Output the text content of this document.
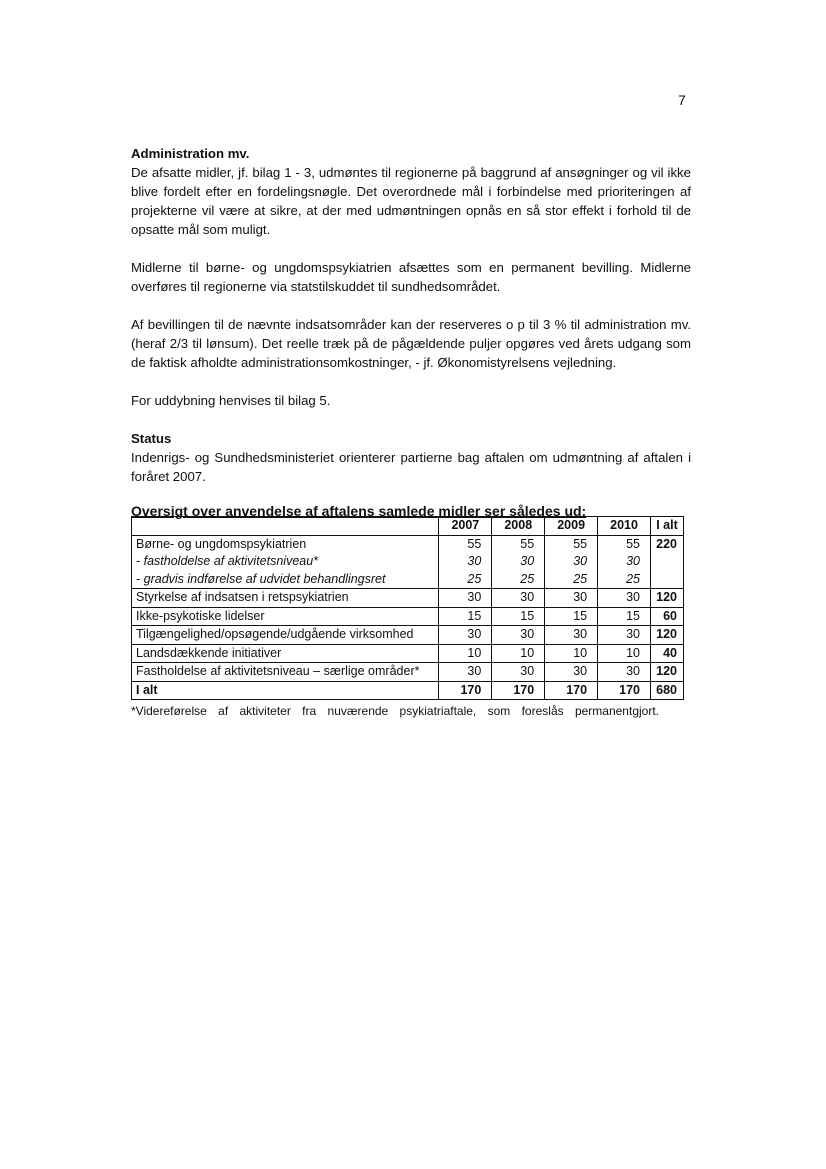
7

Administration mv.

De afsatte midler, jf. bilag 1 - 3, udmøntes til regionerne på baggrund af ansøgninger og vil ikke blive fordelt efter en fordelingsnøgle. Det overordnede mål i forbindelse med prioriteringen af projekterne vil være at sikre, at der med udmøntningen opnås en så stor effekt i forhold til de opsatte mål som muligt.

Midlerne til børne- og ungdomspsykiatrien afsættes som en permanent bevilling. Midlerne overføres til regionerne via statstilskuddet til sundhedsområdet.

Af bevillingen til de nævnte indsatsområder kan der reserveres o p til 3 % til administration mv. (heraf 2/3 til lønsum). Det reelle træk på de pågældende puljer opgøres ved årets udgang som de faktisk afholdte administrationsomkostninger, - jf. Økonomistyrelsens vejledning.

For uddybning henvises til bilag 5.

Status

Indenrigs- og Sundhedsministeriet orienterer partierne bag aftalen om udmøntning af aftalen i foråret 2007.

Oversigt over anvendelse af aftalens samlede midler ser således ud:

	2007	2008	2009	2010	I alt
Børne- og ungdomspsykiatrien	55	55	55	55	220
- fastholdelse af aktivitetsniveau*	30	30	30	30	
- gradvis indførelse af udvidet behandlingsret	25	25	25	25	
Styrkelse af indsatsen i retspsykiatrien	30	30	30	30	120
Ikke-psykotiske lidelser	15	15	15	15	60
Tilgængelighed/opsøgende/udgående virksomhed	30	30	30	30	120
Landsdækkende initiativer	10	10	10	10	40
Fastholdelse af aktivitetsniveau – særlige områder*	30	30	30	30	120
I alt	170	170	170	170	680

*Videreførelse af aktiviteter fra nuværende psykiatriaftale, som foreslås permanentgjort.
